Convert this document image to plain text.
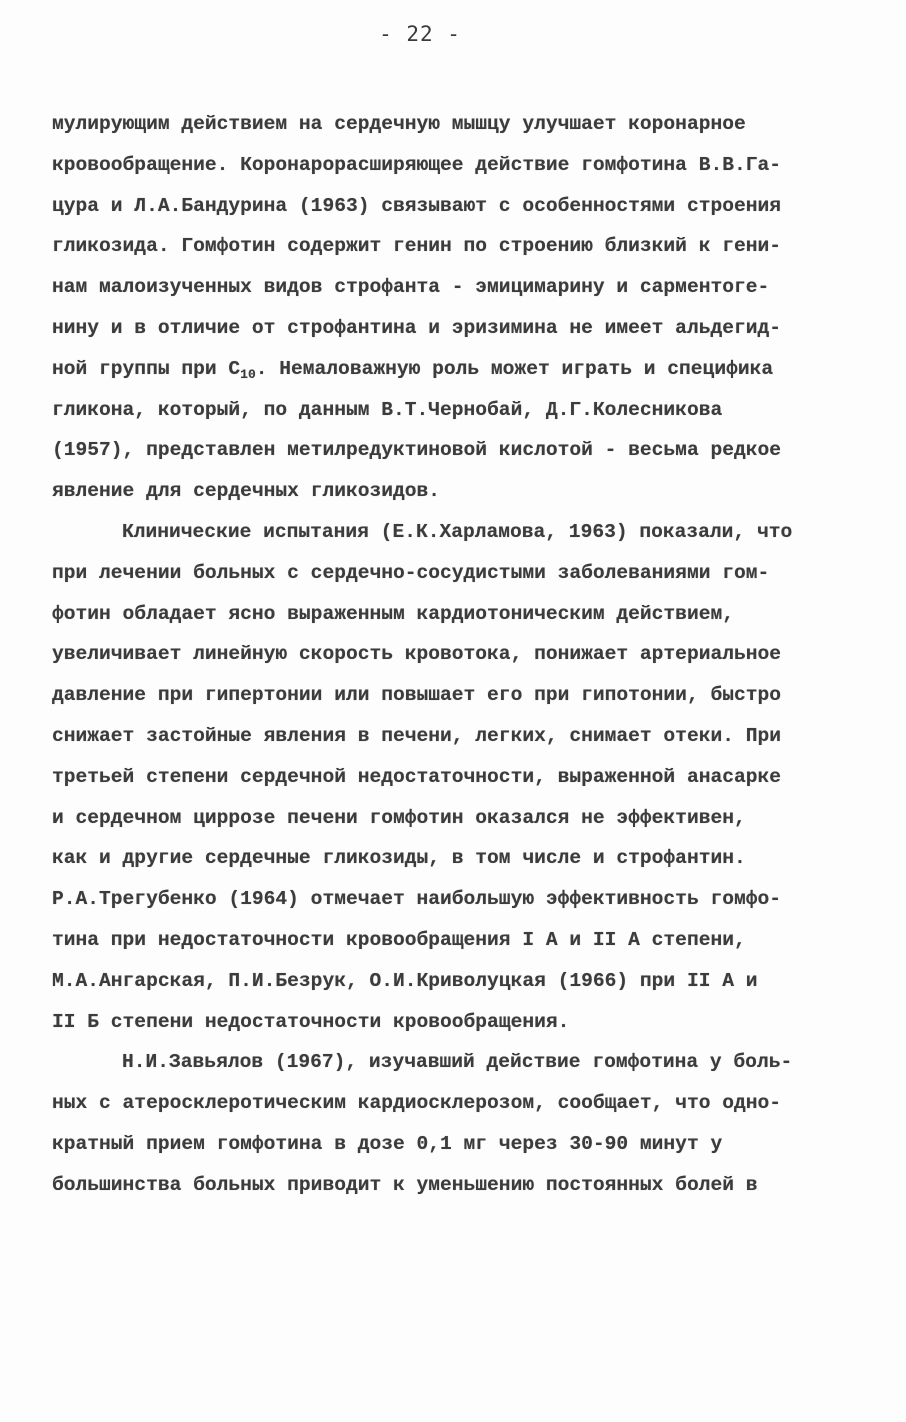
- 22 -
мулирующим действием на сердечную мышцу улучшает коронарное
кровообращение. Коронарорасширяющее действие гомфотина В.В.Га-
цура и Л.А.Бандурина (1963) связывают с особенностями строения
гликозида. Гомфотин содержит генин по строению близкий к гени-
нам малоизученных видов строфанта - эмицимарину и сарментоге-
нину и в отличие от строфантина и эризимина не имеет альдегид-
ной группы при $C_{10}$. Немаловажную роль может играть и специфика
гликона, который, по данным В.Т.Чернобай, Д.Г.Колесникова
(1957), представлен метилредуктиновой кислотой - весьма редкое
явление для сердечных гликозидов.
Клинические испытания (Е.К.Харламова, 1963) показали, что
при лечении больных с сердечно-сосудистыми заболеваниями гом-
фотин обладает ясно выраженным кардиотоническим действием,
увеличивает линейную скорость кровотока, понижает артериальное
давление при гипертонии или повышает его при гипотонии, быстро
снижает застойные явления в печени, легких, снимает отеки. При
третьей степени сердечной недостаточности, выраженной анасарке
и сердечном циррозе печени гомфотин оказался не эффективен,
как и другие сердечные гликозиды, в том числе и строфантин.
Р.А.Трегубенко (1964) отмечает наибольшую эффективность гомфо-
тина при недостаточности кровообращения I А и II А степени,
М.А.Ангарская, П.И.Безрук, О.И.Криволуцкая (1966) при II А и
II Б степени недостаточности кровообращения.
Н.И.Завьялов (1967), изучавший действие гомфотина у боль-
ных с атеросклеротическим кардиосклерозом, сообщает, что одно-
кратный прием гомфотина в дозе 0,1 мг через 30-90 минут у
большинства больных приводит к уменьшению постоянных болей в
